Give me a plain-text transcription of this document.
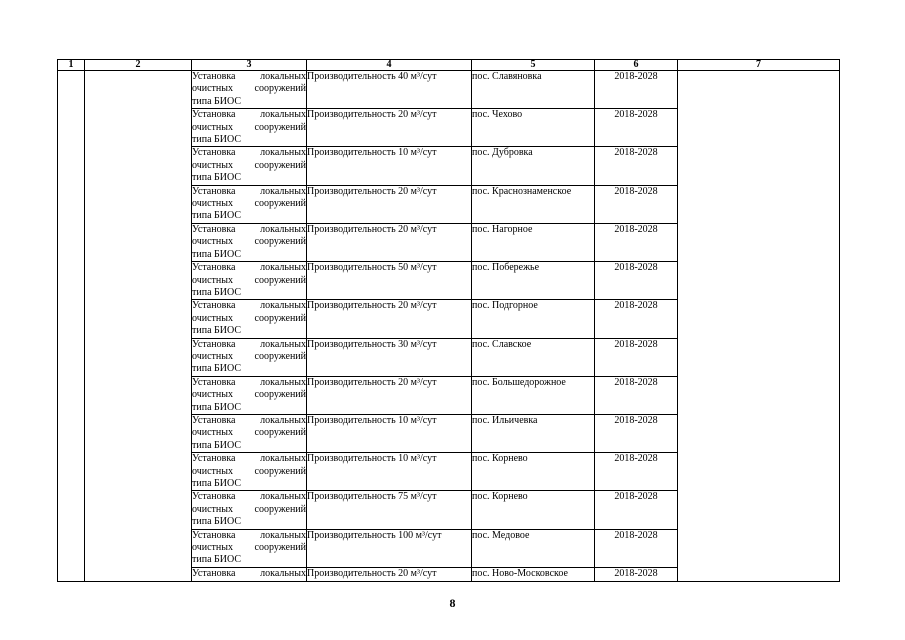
1	2	3	4	5	6	7

		Установка локальных
очистных сооружений
типа БИОС	Производительность 40 м³/сут	пос. Славяновка	2018-2028	

		Установка локальных
очистных сооружений
типа БИОС	Производительность 20 м³/сут	пос. Чехово	2018-2028	

		Установка локальных
очистных сооружений
типа БИОС	Производительность 10 м³/сут	пос. Дубровка	2018-2028	

		Установка локальных
очистных сооружений
типа БИОС	Производительность 20 м³/сут	пос. Краснознаменское	2018-2028	

		Установка локальных
очистных сооружений
типа БИОС	Производительность 20 м³/сут	пос. Нагорное	2018-2028	

		Установка локальных
очистных сооружений
типа БИОС	Производительность 50 м³/сут	пос. Побережье	2018-2028	

		Установка локальных
очистных сооружений
типа БИОС	Производительность 20 м³/сут	пос. Подгорное	2018-2028	

		Установка локальных
очистных сооружений
типа БИОС	Производительность 30 м³/сут	пос. Славское	2018-2028	

		Установка локальных
очистных сооружений
типа БИОС	Производительность 20 м³/сут	пос. Большедорожное	2018-2028	

		Установка локальных
очистных сооружений
типа БИОС	Производительность 10 м³/сут	пос. Ильичевка	2018-2028	

		Установка локальных
очистных сооружений
типа БИОС	Производительность 10 м³/сут	пос. Корнево	2018-2028	

		Установка локальных
очистных сооружений
типа БИОС	Производительность 75 м³/сут	пос. Корнево	2018-2028	

		Установка локальных
очистных сооружений
типа БИОС	Производительность 100 м³/сут	пос. Медовое	2018-2028	

		Установка локальных	Производительность 20 м³/сут	пос. Ново-Московское	2018-2028	
8
